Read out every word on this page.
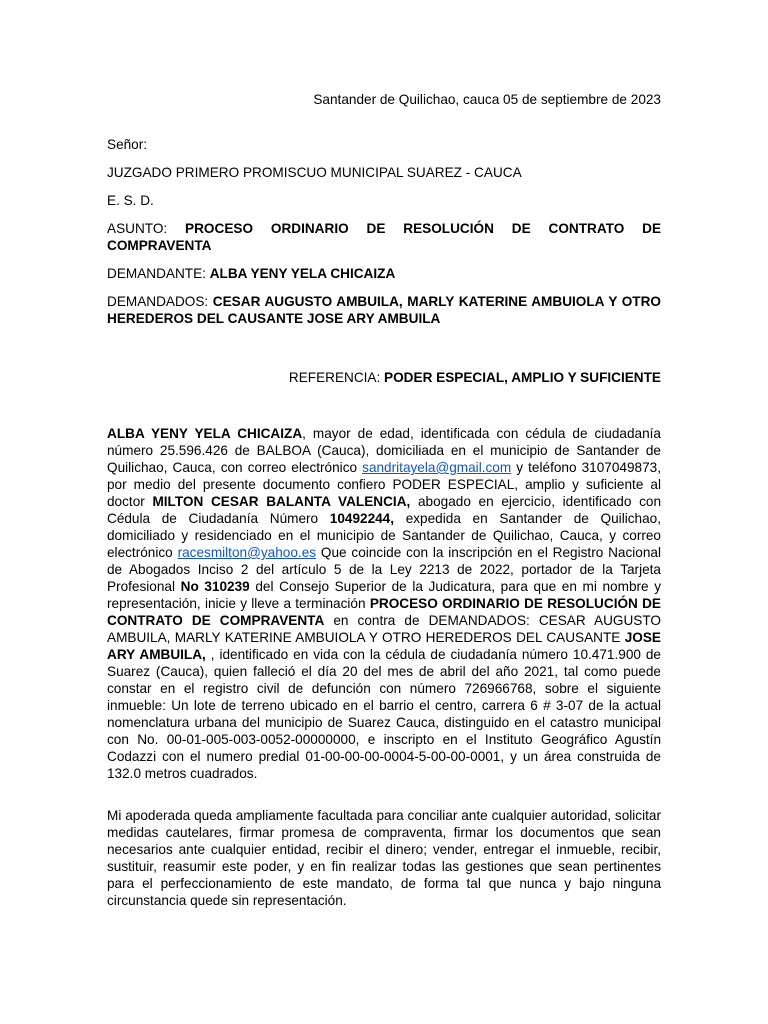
Santander de Quilichao, cauca 05 de septiembre de 2023

Señor:

JUZGADO PRIMERO PROMISCUO MUNICIPAL SUAREZ - CAUCA

E. S. D.

ASUNTO: PROCESO ORDINARIO DE RESOLUCIÓN DE CONTRATO DE COMPRAVENTA

DEMANDANTE: ALBA YENY YELA CHICAIZA

DEMANDADOS: CESAR AUGUSTO AMBUILA, MARLY KATERINE AMBUIOLA Y OTRO HEREDEROS DEL CAUSANTE JOSE ARY AMBUILA

REFERENCIA: PODER ESPECIAL, AMPLIO Y SUFICIENTE

ALBA YENY YELA CHICAIZA, mayor de edad, identificada con cédula de ciudadanía número 25.596.426 de BALBOA (Cauca), domiciliada en el municipio de Santander de Quilichao, Cauca, con correo electrónico sandritayela@gmail.com y teléfono 3107049873, por medio del presente documento confiero PODER ESPECIAL, amplio y suficiente al doctor MILTON CESAR BALANTA VALENCIA, abogado en ejercicio, identificado con Cédula de Ciudadanía Número 10492244, expedida en Santander de Quilichao, domiciliado y residenciado en el municipio de Santander de Quilichao, Cauca, y correo electrónico racesmilton@yahoo.es Que coincide con la inscripción en el Registro Nacional de Abogados Inciso 2 del artículo 5 de la Ley 2213 de 2022, portador de la Tarjeta Profesional No 310239 del Consejo Superior de la Judicatura, para que en mi nombre y representación, inicie y lleve a terminación PROCESO ORDINARIO DE RESOLUCIÓN DE CONTRATO DE COMPRAVENTA en contra de DEMANDADOS: CESAR AUGUSTO AMBUILA, MARLY KATERINE AMBUIOLA Y OTRO HEREDEROS DEL CAUSANTE JOSE ARY AMBUILA, , identificado en vida con la cédula de ciudadanía número 10.471.900 de Suarez (Cauca), quien falleció el día 20 del mes de abril del año 2021, tal como puede constar en el registro civil de defunción con número 726966768, sobre el siguiente inmueble: Un lote de terreno ubicado en el barrio el centro, carrera 6 # 3-07 de la actual nomenclatura urbana del municipio de Suarez Cauca, distinguido en el catastro municipal con No. 00-01-005-003-0052-00000000, e inscripto en el Instituto Geográfico Agustín Codazzi con el numero predial 01-00-00-00-0004-5-00-00-0001, y un área construida de 132.0 metros cuadrados.

Mi apoderada queda ampliamente facultada para conciliar ante cualquier autoridad, solicitar medidas cautelares, firmar promesa de compraventa, firmar los documentos que sean necesarios ante cualquier entidad, recibir el dinero; vender, entregar el inmueble, recibir, sustituir, reasumir este poder, y en fin realizar todas las gestiones que sean pertinentes para el perfeccionamiento de este mandato, de forma tal que nunca y bajo ninguna circunstancia quede sin representación.
